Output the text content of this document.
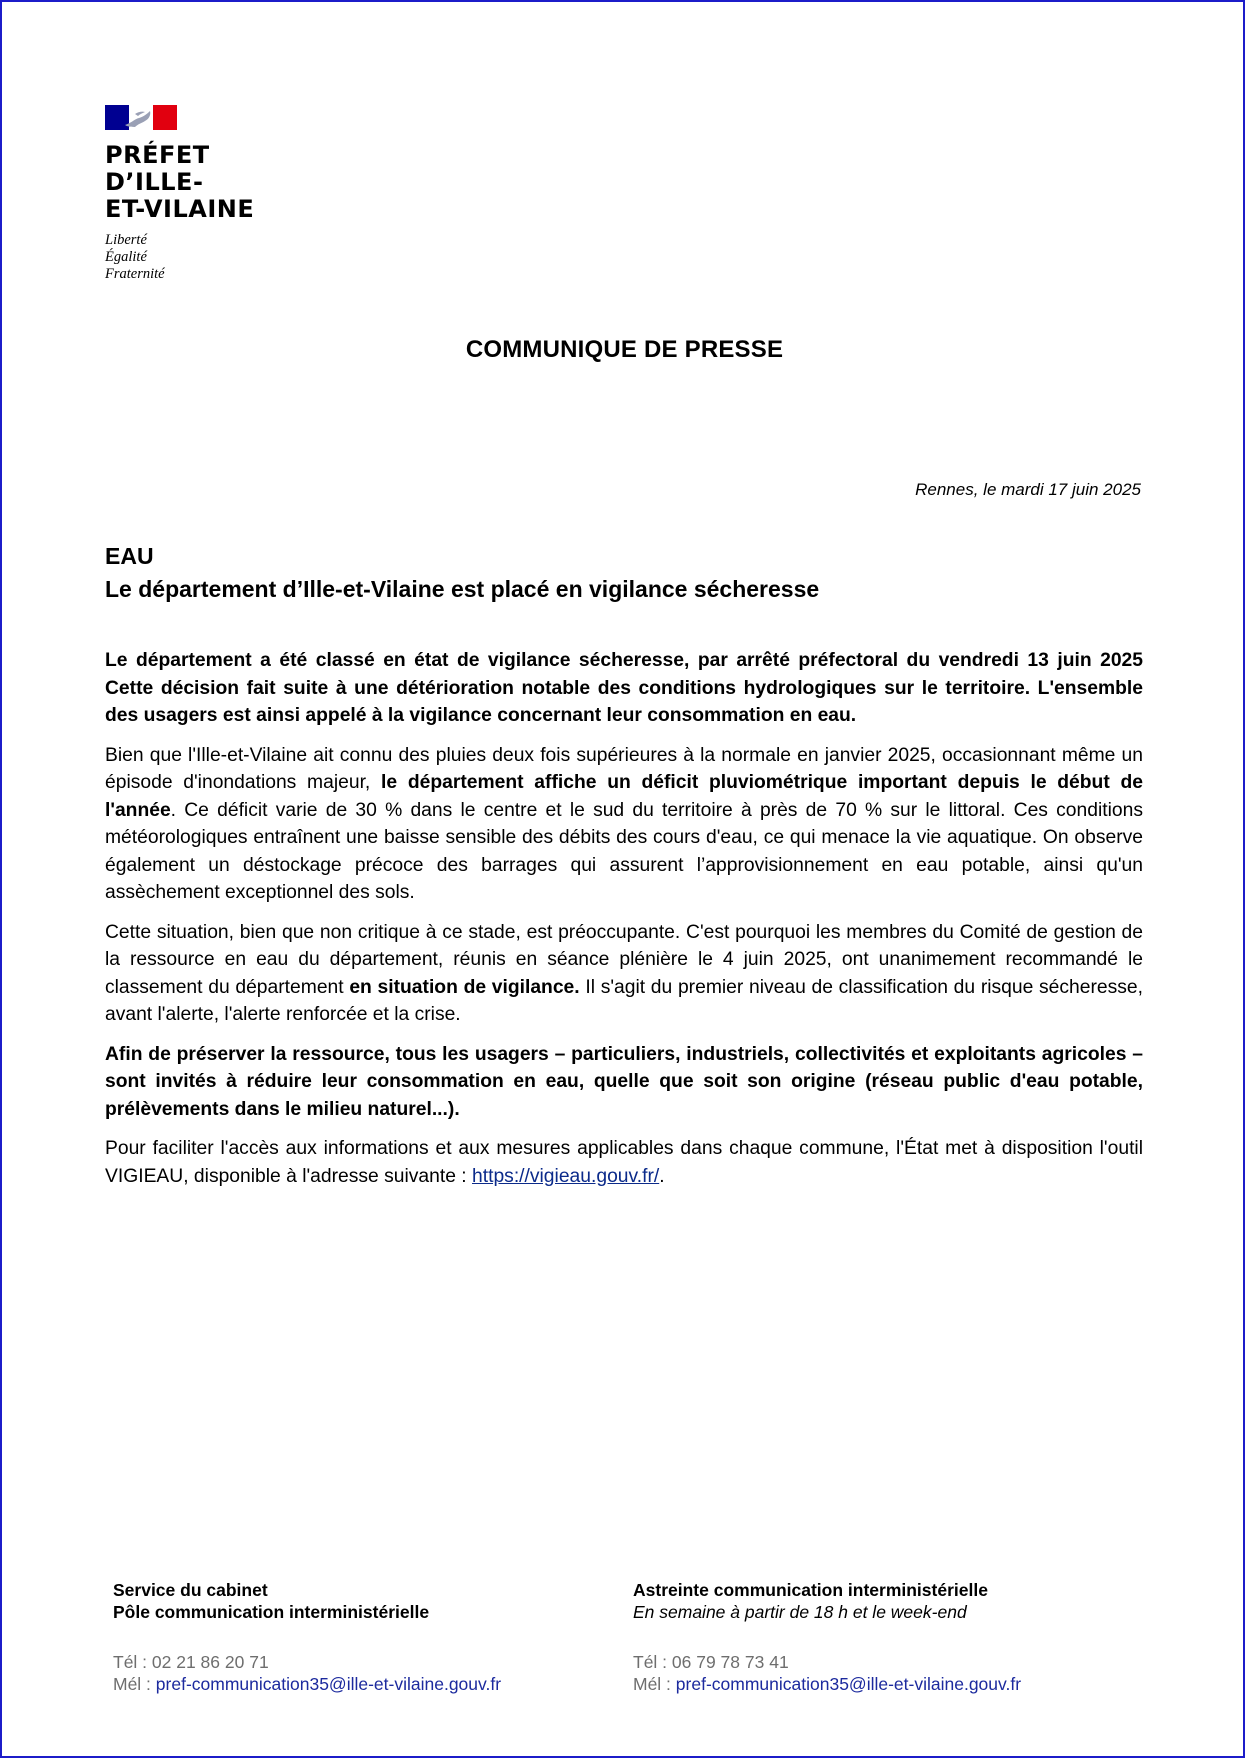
PRÉFET
D’ILLE-
ET-VILAINE
Liberté
Égalité
Fraternité
COMMUNIQUE DE PRESSE
Rennes, le mardi 17 juin 2025
EAU
Le département d’Ille-et-Vilaine est placé en vigilance sécheresse

Le département a été classé en état de vigilance sécheresse, par arrêté préfectoral du vendredi 13 juin 2025 Cette décision fait suite à une détérioration notable des conditions hydrologiques sur le territoire. L'ensemble des usagers est ainsi appelé à la vigilance concernant leur consommation en eau.

Bien que l'Ille-et-Vilaine ait connu des pluies deux fois supérieures à la normale en janvier 2025, occasionnant même un épisode d'inondations majeur, le département affiche un déficit pluviométrique important depuis le début de l'année. Ce déficit varie de 30 % dans le centre et le sud du territoire à près de 70 % sur le littoral. Ces conditions météorologiques entraînent une baisse sensible des débits des cours d'eau, ce qui menace la vie aquatique. On observe également un déstockage précoce des barrages qui assurent l’approvisionnement en eau potable, ainsi qu'un assèchement exceptionnel des sols.

Cette situation, bien que non critique à ce stade, est préoccupante. C'est pourquoi les membres du Comité de gestion de la ressource en eau du département, réunis en séance plénière le 4 juin 2025, ont unanimement recommandé le classement du département en situation de vigilance. Il s'agit du premier niveau de classification du risque sécheresse, avant l'alerte, l'alerte renforcée et la crise.

Afin de préserver la ressource, tous les usagers – particuliers, industriels, collectivités et exploitants agricoles – sont invités à réduire leur consommation en eau, quelle que soit son origine (réseau public d'eau potable, prélèvements dans le milieu naturel...).

Pour faciliter l'accès aux informations et aux mesures applicables dans chaque commune, l'État met à disposition l'outil VIGIEAU, disponible à l'adresse suivante : https://vigieau.gouv.fr/.

Service du cabinet
Pôle communication interministérielle
Tél : 02 21 86 20 71
Mél : pref-communication35@ille-et-vilaine.gouv.fr
Astreinte communication interministérielle
En semaine à partir de 18 h et le week-end
Tél : 06 79 78 73 41
Mél : pref-communication35@ille-et-vilaine.gouv.fr
